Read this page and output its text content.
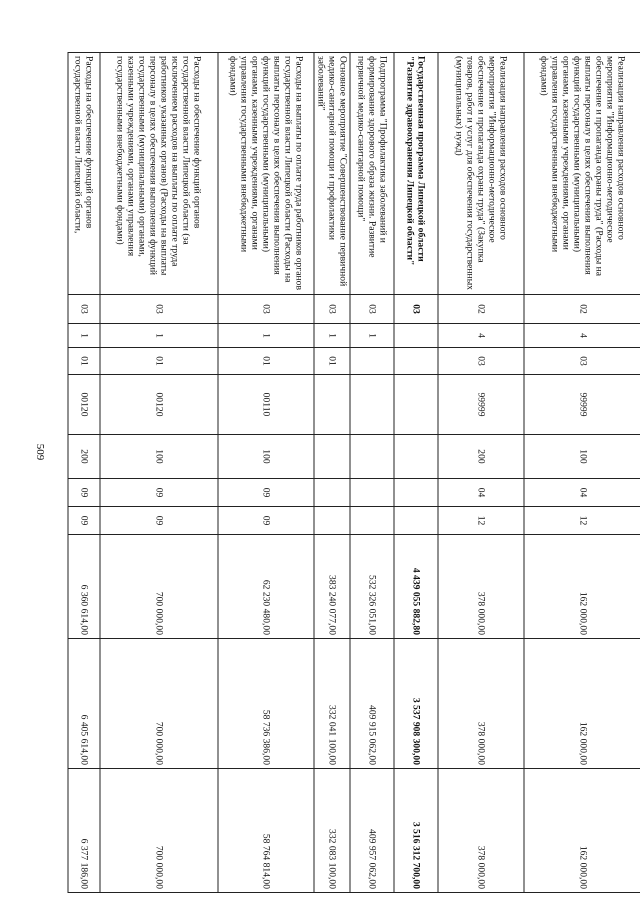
509
Реализация направления расходов основного мероприятия "Информационно-методическое обеспечение и пропаганда охраны труда" (Расходы на выплаты персоналу в целях обеспечения выполнения функций государственными (муниципальными) органами, казенными учреждениями, органами управления государственными внебюджетными фондами)	02	4	03	99999	100	04	12	162 000,00	162 000,00	162 000,00
Реализация направления расходов основного мероприятия "Информационно-методическое обеспечение и пропаганда охраны труда" (Закупка товаров, работ и услуг для обеспечения государственных (муниципальных) нужд)	02	4	03	99999	200	04	12	378 000,00	378 000,00	378 000,00
Государственная программа Липецкой области "Развитие здравоохранения Липецкой области"	03							4 439 055 882,80	3 537 908 300,00	3 516 312 700,00
Подпрограмма "Профилактика заболеваний и формирование здорового образа жизни. Развитие первичной медико-санитарной помощи"	03	1						532 326 051,00	409 915 062,00	409 957 062,00
Основное мероприятие "Совершенствование первичной медико-санитарной помощи и профилактики заболеваний"	03	1	01					383 240 077,00	332 041 100,00	332 083 100,00
Расходы на выплаты по оплате труда работников органов государственной власти Липецкой области (Расходы на выплаты персоналу в целях обеспечения выполнения функций государственными (муниципальными) органами, казенными учреждениями, органами управления государственными внебюджетными фондами)	03	1	01	00110	100	09	09	62 230 480,00	58 736 386,00	58 764 814,00
Расходы на обеспечение функций органов государственной власти Липецкой области (за исключением расходов на выплаты по оплате труда работников указанных органов) (Расходы на выплаты персоналу в целях обеспечения выполнения функций государственными (муниципальными) органами, казенными учреждениями, органами управления государственными внебюджетными фондами)	03	1	01	00120	100	09	09	700 000,00	700 000,00	700 000,00
Расходы на обеспечение функций органов государственной власти Липецкой области,	03	1	01	00120	200	09	09	6 360 614,00	6 405 614,00	6 377 186,00
